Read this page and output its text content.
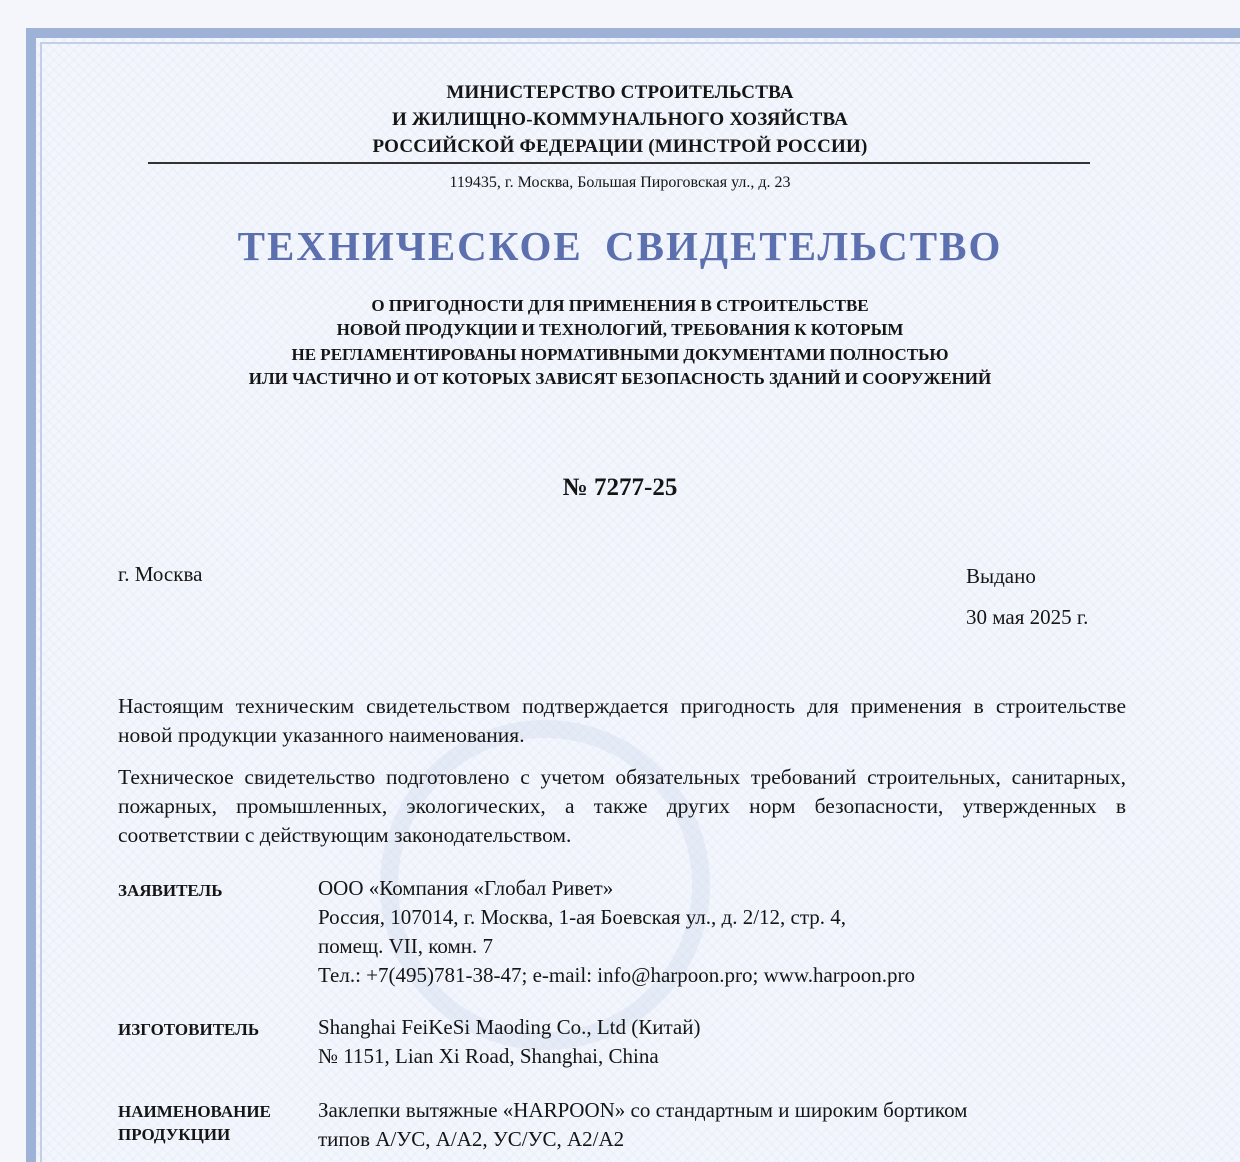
МИНИСТЕРСТВО СТРОИТЕЛЬСТВА
И ЖИЛИЩНО-КОММУНАЛЬНОГО ХОЗЯЙСТВА
РОССИЙСКОЙ ФЕДЕРАЦИИ (МИНСТРОЙ РОССИИ)
119435, г. Москва, Большая Пироговская ул., д. 23
ТЕХНИЧЕСКОЕ СВИДЕТЕЛЬСТВО
О ПРИГОДНОСТИ ДЛЯ ПРИМЕНЕНИЯ В СТРОИТЕЛЬСТВЕ
НОВОЙ ПРОДУКЦИИ И ТЕХНОЛОГИЙ, ТРЕБОВАНИЯ К КОТОРЫМ
НЕ РЕГЛАМЕНТИРОВАНЫ НОРМАТИВНЫМИ ДОКУМЕНТАМИ ПОЛНОСТЬЮ
ИЛИ ЧАСТИЧНО И ОТ КОТОРЫХ ЗАВИСЯТ БЕЗОПАСНОСТЬ ЗДАНИЙ И СООРУЖЕНИЙ
№ 7277-25
г. Москва	Выдано
30 мая 2025 г.
Настоящим техническим свидетельством подтверждается пригодность для применения в строительстве новой продукции указанного наименования.
Техническое свидетельство подготовлено с учетом обязательных требований строительных, санитарных, пожарных, промышленных, экологических, а также других норм безопасности, утвержденных в соответствии с действующим законодательством.
ЗАЯВИТЕЛЬ	ООО «Компания «Глобал Ривет»
Россия, 107014, г. Москва, 1-ая Боевская ул., д. 2/12, стр. 4,
помещ. VII, комн. 7
Тел.: +7(495)781-38-47; e-mail: info@harpoon.pro; www.harpoon.pro
ИЗГОТОВИТЕЛЬ	Shanghai FeiKeSi Maoding Co., Ltd (Китай)
№ 1151, Lian Xi Road, Shanghai, China
НАИМЕНОВАНИЕ
ПРОДУКЦИИ
Заклепки вытяжные «HARPOON» со стандартным и широким бортиком
типов А/УС, А/А2, УС/УС, А2/А2
